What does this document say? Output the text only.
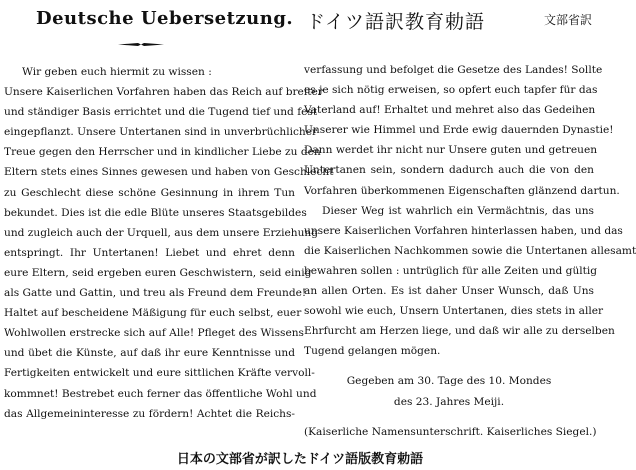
Deutsche Uebersetzung. ドイツ語訳教育勅語	文部省訳
Wir geben euch hiermit zu wissen :
Unsere Kaiserlichen Vorfahren haben das Reich auf breiter
und ständiger Basis errichtet und die Tugend tief und fest
eingepflanzt. Unsere Untertanen sind in unverbrüchlicher
Treue gegen den Herrscher und in kindlicher Liebe zu den
Eltern stets eines Sinnes gewesen und haben von Geschlecht
zu Geschlecht diese schöne Gesinnung in ihrem Tun
bekundet. Dies ist die edle Blüte unseres Staatsgebildes
und zugleich auch der Urquell, aus dem unsere Erziehung
entspringt. Ihr Untertanen! Liebet und ehret denn
eure Eltern, seid ergeben euren Geschwistern, seid einig
als Gatte und Gattin, und treu als Freund dem Freunde!
Haltet auf bescheidene Mäßigung für euch selbst, euer
Wohlwollen erstrecke sich auf Alle! Pfleget des Wissens
und übet die Künste, auf daß ihr eure Kenntnisse und
Fertigkeiten entwickelt und eure sittlichen Kräfte vervoll-
kommnet! Bestrebet euch ferner das öffentliche Wohl und
das Allgemeininteresse zu fördern! Achtet die Reichs-
verfassung und befolget die Gesetze des Landes! Sollte
es je sich nötig erweisen, so opfert euch tapfer für das
Vaterland auf! Erhaltet und mehret also das Gedeihen
Unserer wie Himmel und Erde ewig dauernden Dynastie!
Dann werdet ihr nicht nur Unsere guten und getreuen
Untertanen sein, sondern dadurch auch die von den
Vorfahren überkommenen Eigenschaften glänzend dartun.
Dieser Weg ist wahrlich ein Vermächtnis, das uns
unsere Kaiserlichen Vorfahren hinterlassen haben, und das
die Kaiserlichen Nachkommen sowie die Untertanen allesamt
bewahren sollen : untrüglich für alle Zeiten und gültig
an allen Orten. Es ist daher Unser Wunsch, daß Uns
sowohl wie euch, Unsern Untertanen, dies stets in aller
Ehrfurcht am Herzen liege, und daß wir alle zu derselben
Tugend gelangen mögen.
Gegeben am 30. Tage des 10. Mondes
des 23. Jahres Meiji.
(Kaiserliche Namensunterschrift. Kaiserliches Siegel.)
日本の文部省が訳したドイツ語版教育勅語
